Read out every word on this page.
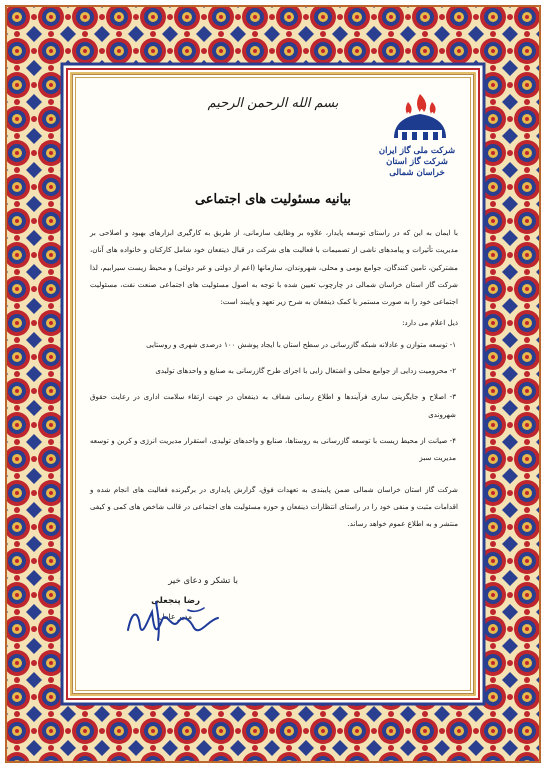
بسم الله الرحمن الرحیم
شرکت ملی گاز ایران
شرکت گاز استان خراسان شمالی
بیانیه مسئولیت های اجتماعی
با ایمان به این که در راستای توسعه پایدار، علاوه بر وظایف سازمانی، از طریق به کارگیری ابزارهای بهبود و اصلاحی بر مدیریت تأثیرات و پیامدهای ناشی از تصمیمات با فعالیت های شرکت در قبال ذینفعان خود شامل کارکنان و خانواده های آنان، مشترکین، تامین کنندگان، جوامع بومی و محلی، شهروندان، سازمانها (اعم از دولتی و غیر دولتی) و محیط زیست سیرابیم، لذا شرکت گاز استان خراسان شمالی در چارچوب تعیین شده با توجه به اصول مسئولیت های اجتماعی صنعت نفت، مسئولیت اجتماعی خود را به صورت مستمر با کمک ذینفعان به شرح زیر تعهد و پایبند است:
ذیل اعلام می دارد:
۱- توسعه متوازن و عادلانه شبکه گازرسانی در سطح استان با ایجاد پوشش ۱۰۰ درصدی شهری و روستایی
۲- محرومیت زدایی از جوامع محلی و اشتغال زایی با اجرای طرح گازرسانی به صنایع و واحدهای تولیدی
۳- اصلاح و جایگزینی سازی فرآیندها و اطلاع رسانی شفاف به ذینفعان در جهت ارتقاء سلامت اداری در رعایت حقوق شهروندی
۴- صیانت از محیط زیست با توسعه گازرسانی به روستاها، صنایع و واحدهای تولیدی، استقرار مدیریت انرژی و کربن و توسعه مدیریت سبز
شرکت گاز استان خراسان شمالی ضمن پایبندی به تعهدات فوق، گزارش پایداری در برگیرنده فعالیت های انجام شده و اقدامات مثبت و منفی خود را در راستای انتظارات ذینفعان و حوزه مسئولیت های اجتماعی در قالب شاخص های کمی و کیفی منتشر و به اطلاع عموم خواهد رساند.
با تشکر و دعای خیر
رضا پنجعلی
مدیر عامل
